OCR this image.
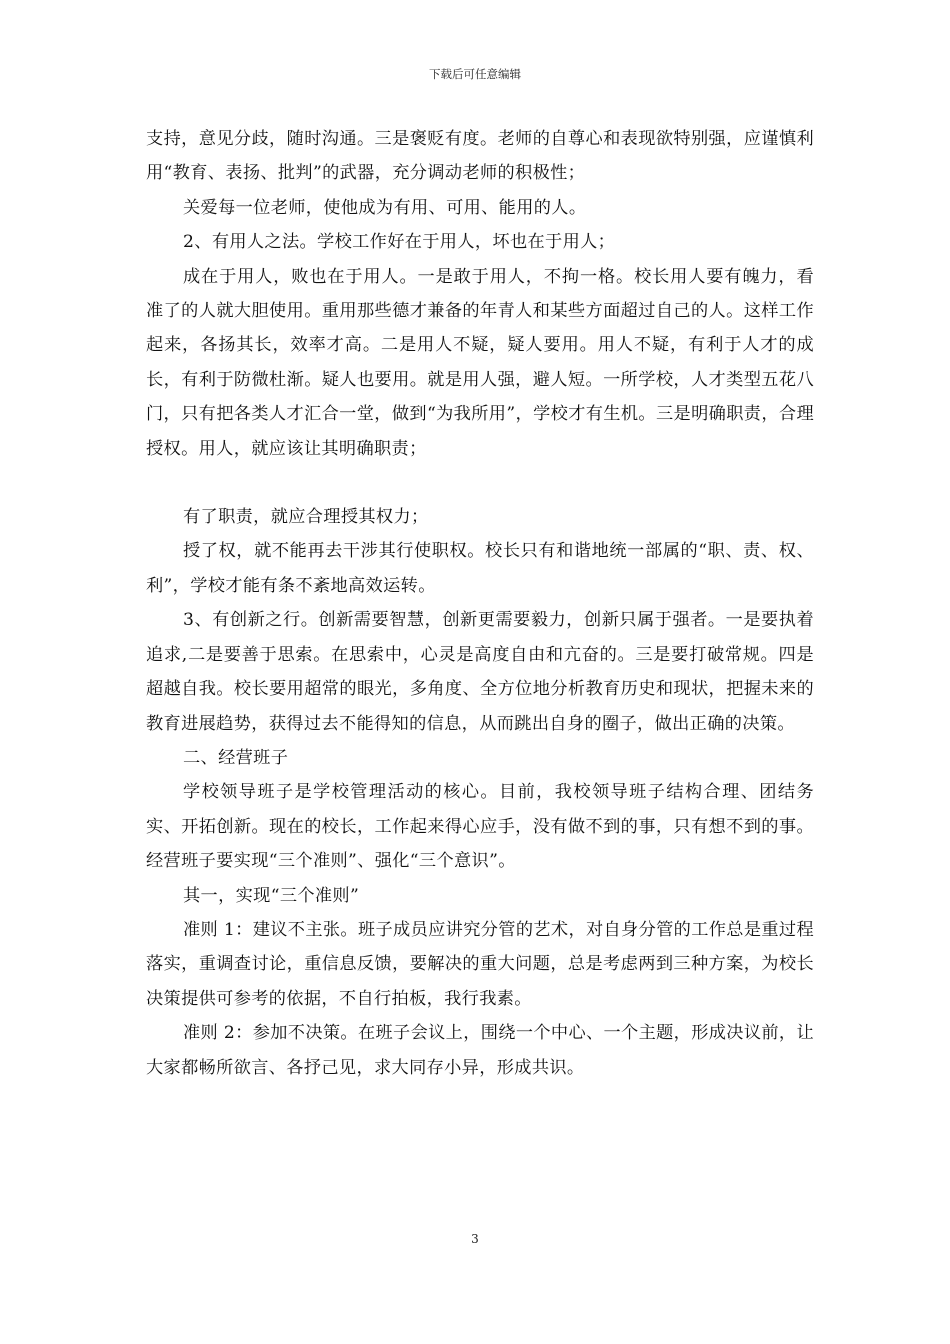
下载后可任意编辑

支持，意见分歧，随时沟通。三是褒贬有度。老师的自尊心和表现欲特别强，应谨慎利用“教育、表扬、批判”的武器，充分调动老师的积极性；

关爱每一位老师，使他成为有用、可用、能用的人。

2、有用人之法。学校工作好在于用人，坏也在于用人；

成在于用人，败也在于用人。一是敢于用人，不拘一格。校长用人要有魄力，看准了的人就大胆使用。重用那些德才兼备的年青人和某些方面超过自己的人。这样工作起来，各扬其长，效率才高。二是用人不疑，疑人要用。用人不疑，有利于人才的成长，有利于防微杜渐。疑人也要用。就是用人强，避人短。一所学校，人才类型五花八门，只有把各类人才汇合一堂，做到“为我所用”，学校才有生机。三是明确职责，合理授权。用人，就应该让其明确职责；

有了职责，就应合理授其权力；

授了权，就不能再去干涉其行使职权。校长只有和谐地统一部属的“职、责、权、利”，学校才能有条不紊地高效运转。

3、有创新之行。创新需要智慧，创新更需要毅力，创新只属于强者。一是要执着追求,二是要善于思索。在思索中，心灵是高度自由和亢奋的。三是要打破常规。四是超越自我。校长要用超常的眼光，多角度、全方位地分析教育历史和现状，把握未来的教育进展趋势，获得过去不能得知的信息，从而跳出自身的圈子，做出正确的决策。

二、经营班子

学校领导班子是学校管理活动的核心。目前，我校领导班子结构合理、团结务实、开拓创新。现在的校长，工作起来得心应手，没有做不到的事，只有想不到的事。经营班子要实现“三个准则”、强化“三个意识”。

其一，实现“三个准则”

准则 1：建议不主张。班子成员应讲究分管的艺术，对自身分管的工作总是重过程落实，重调查讨论，重信息反馈，要解决的重大问题，总是考虑两到三种方案，为校长决策提供可参考的依据，不自行拍板，我行我素。

准则 2：参加不决策。在班子会议上，围绕一个中心、一个主题，形成决议前，让大家都畅所欲言、各抒己见，求大同存小异，形成共识。

3
